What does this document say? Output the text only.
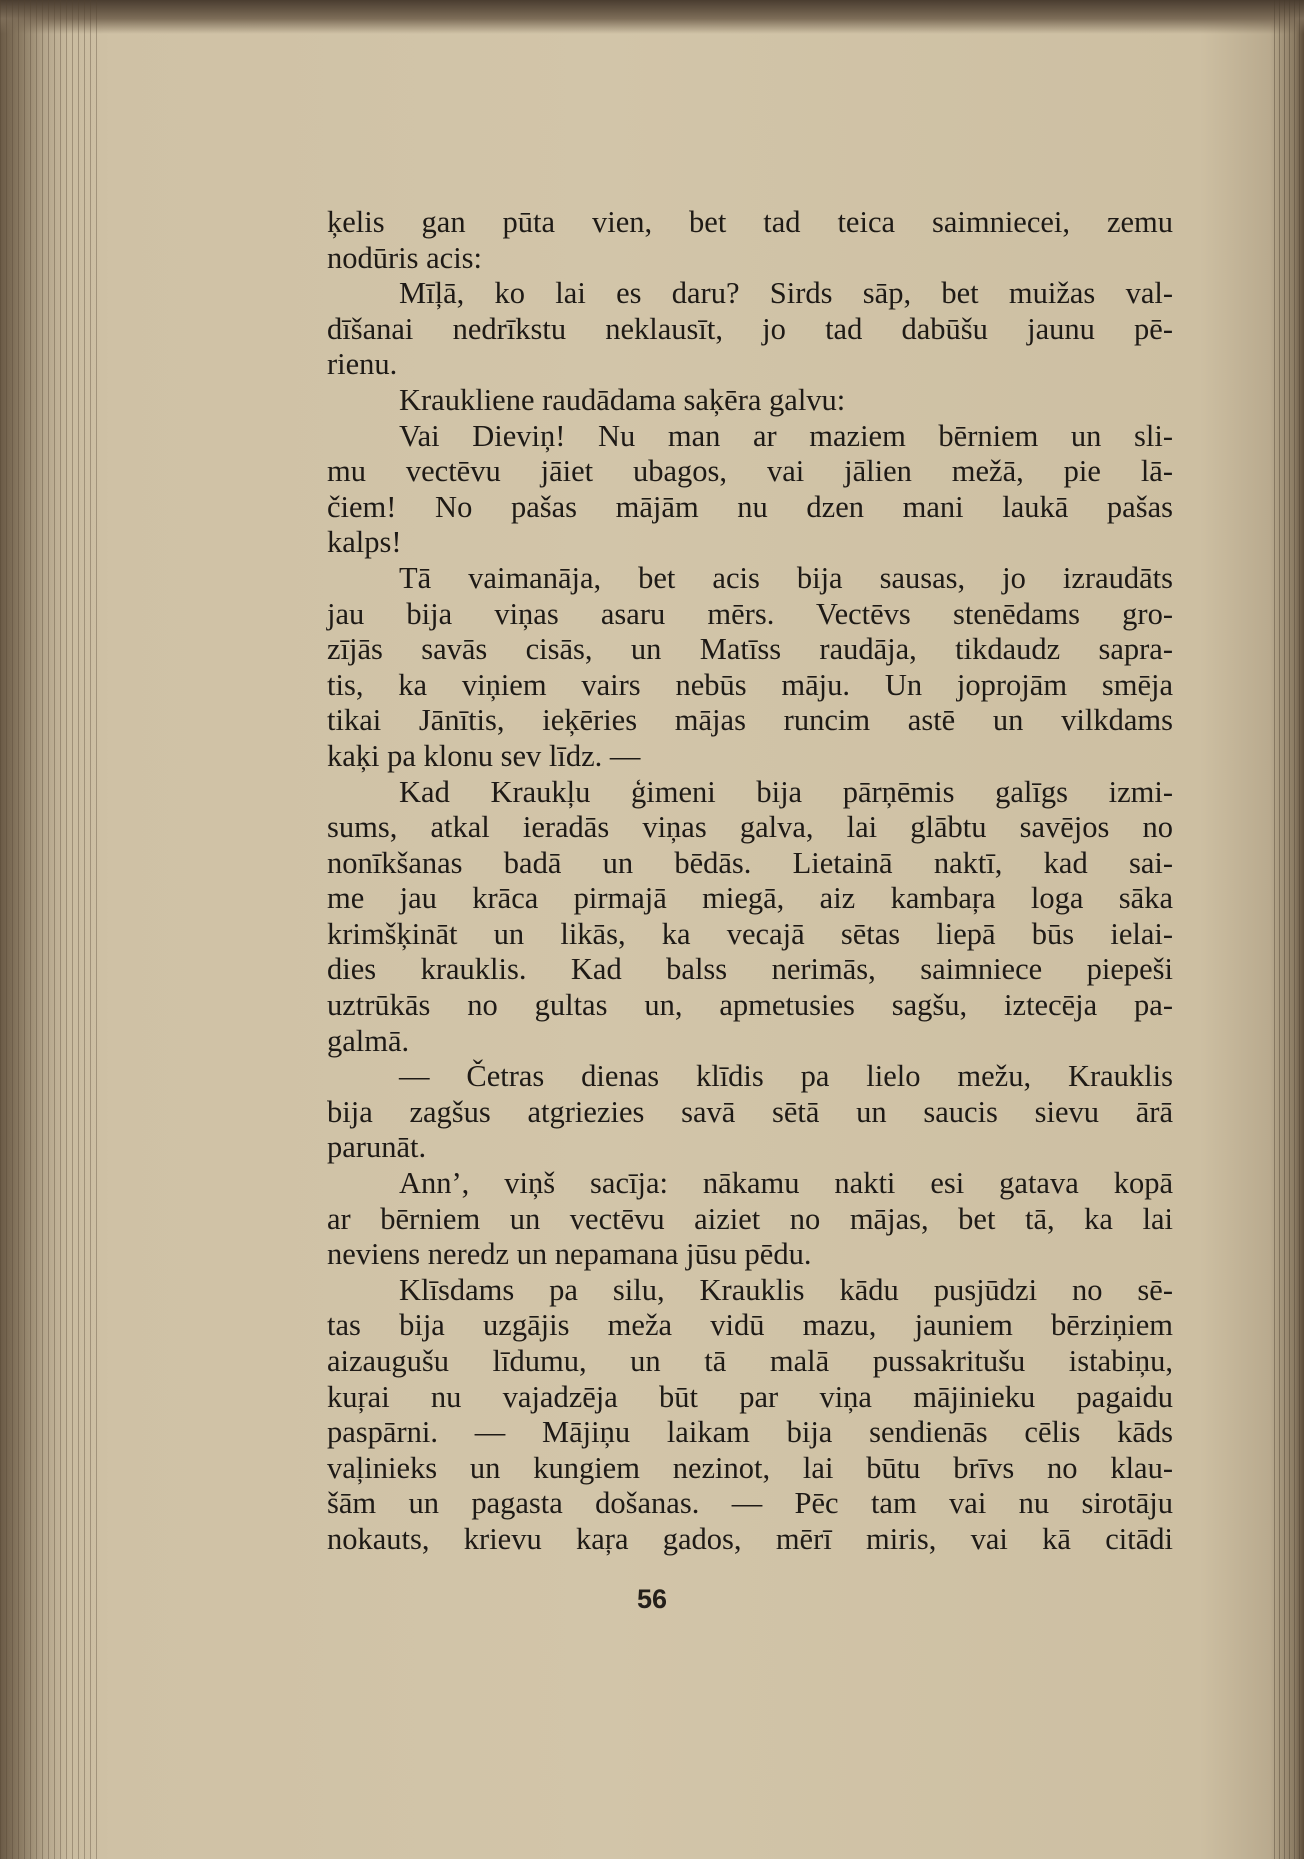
ķelis gan pūta vien, bet tad teica saimniecei, zemu
nodūris acis:
Mīļā, ko lai es daru? Sirds sāp, bet muižas val-
dīšanai nedrīkstu neklausīt, jo tad dabūšu jaunu pē-
rienu.
Kraukliene raudādama saķēra galvu:
Vai Dieviņ! Nu man ar maziem bērniem un sli-
mu vectēvu jāiet ubagos, vai jālien mežā, pie lā-
čiem! No pašas mājām nu dzen mani laukā pašas
kalps!
Tā vaimanāja, bet acis bija sausas, jo izraudāts
jau bija viņas asaru mērs. Vectēvs stenēdams gro-
zījās savās cisās, un Matīss raudāja, tikdaudz sapra-
tis, ka viņiem vairs nebūs māju. Un joprojām smēja
tikai Jānītis, ieķēries mājas runcim astē un vilkdams
kaķi pa klonu sev līdz. —
Kad Kraukļu ģimeni bija pārņēmis galīgs izmi-
sums, atkal ieradās viņas galva, lai glābtu savējos no
nonīkšanas badā un bēdās. Lietainā naktī, kad sai-
me jau krāca pirmajā miegā, aiz kambaŗa loga sāka
krimšķināt un likās, ka vecajā sētas liepā būs ielai-
dies krauklis. Kad balss nerimās, saimniece piepeši
uztrūkās no gultas un, apmetusies sagšu, iztecēja pa-
galmā.
— Četras dienas klīdis pa lielo mežu, Krauklis
bija zagšus atgriezies savā sētā un saucis sievu ārā
parunāt.
Ann’, viņš sacīja: nākamu nakti esi gatava kopā
ar bērniem un vectēvu aiziet no mājas, bet tā, ka lai
neviens neredz un nepamana jūsu pēdu.
Klīsdams pa silu, Krauklis kādu pusjūdzi no sē-
tas bija uzgājis meža vidū mazu, jauniem bērziņiem
aizaugušu līdumu, un tā malā pussakritušu istabiņu,
kuŗai nu vajadzēja būt par viņa mājinieku pagaidu
paspārni. — Mājiņu laikam bija sendienās cēlis kāds
vaļinieks un kungiem nezinot, lai būtu brīvs no klau-
šām un pagasta došanas. — Pēc tam vai nu sirotāju
nokauts, krievu kaŗa gados, mērī miris, vai kā citādi
56
